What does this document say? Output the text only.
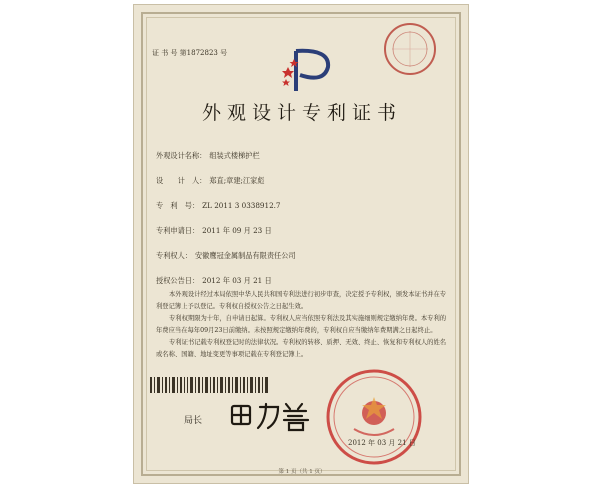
证 书 号 第1872823 号
外观设计专利证书
外观设计名称： 组装式楼梯护栏
设　　计　人： 郑直;章建;江家彪
专　利　号： ZL 2011 3 0338912.7
专利申请日： 2011 年 09 月 23 日
专利权人： 安徽鹰冠金属制品有限责任公司
授权公告日： 2012 年 03 月 21 日

本外观设计经过本局依照中华人民共和国专利法进行初步审查，决定授予专利权，颁发本证书并在专利登记簿上予以登记。专利权自授权公告之日起生效。

专利权期限为十年，自申请日起算。专利权人应当依照专利法及其实施细则规定缴纳年费。本专利的年费应当在每年09月23日前缴纳。未按照规定缴纳年费的，专利权自应当缴纳年费期满之日起终止。

专利证书记载专利权登记时的法律状况。专利权的转移、质押、无效、终止、恢复和专利权人的姓名或名称、国籍、地址变更等事项记载在专利登记簿上。

局长
2012 年 03 月 21 日
第 1 页（共 1 页）
